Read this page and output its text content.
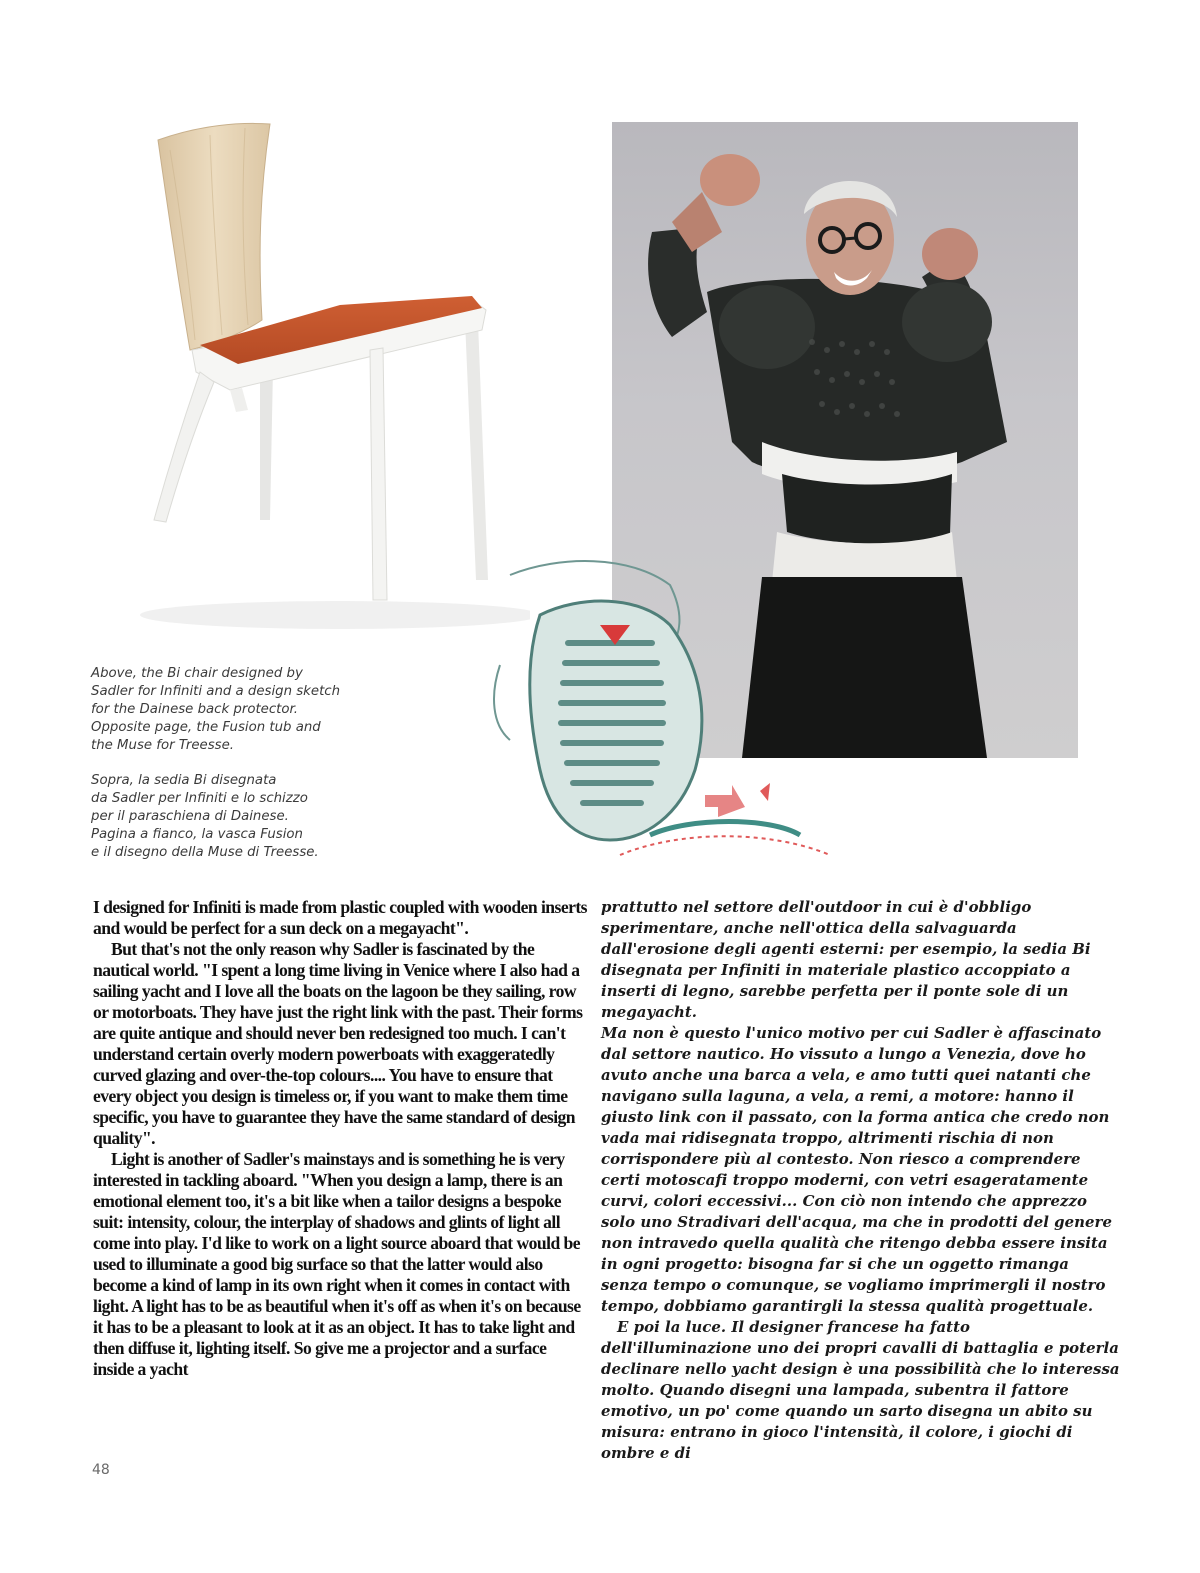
Above, the Bi chair designed by

Sadler for Infiniti and a design sketch

for the Dainese back protector.

Opposite page, the Fusion tub and

the Muse for Treesse.

Sopra, la sedia Bi disegnata

da Sadler per Infiniti e lo schizzo

per il paraschiena di Dainese.

Pagina a fianco, la vasca Fusion

e il disegno della Muse di Treesse.

I designed for Infiniti is made from plastic coupled with wooden inserts and would be perfect for a sun deck on a megayacht".

But that's not the only reason why Sadler is fascinated by the nautical world. "I spent a long time living in Venice where I also had a sailing yacht and I love all the boats on the lagoon be they sailing, row or motorboats. They have just the right link with the past. Their forms are quite antique and should never ben redesigned too much. I can't understand certain overly modern powerboats with exaggeratedly curved glazing and over-the-top colours.... You have to ensure that every object you design is timeless or, if you want to make them time specific, you have to guarantee they have the same standard of design quality".

Light is another of Sadler's mainstays and is something he is very interested in tackling aboard. "When you design a lamp, there is an emotional element too, it's a bit like when a tailor designs a bespoke suit: intensity, colour, the interplay of shadows and glints of light all come into play. I'd like to work on a light source aboard that would be used to illuminate a good big surface so that the latter would also become a kind of lamp in its own right when it comes in contact with light. A light has to be as beautiful when it's off as when it's on because it has to be a pleasant to look at it as an object. It has to take light and then diffuse it, lighting itself. So give me a projector and a surface inside a yacht

prattutto nel settore dell'outdoor in cui è d'obbligo sperimentare, anche nell'ottica della salvaguarda dall'erosione degli agenti esterni: per esempio, la sedia Bi disegnata per Infiniti in materiale plastico accoppiato a inserti di legno, sarebbe perfetta per il ponte sole di un megayacht.

Ma non è questo l'unico motivo per cui Sadler è affascinato dal settore nautico. Ho vissuto a lungo a Venezia, dove ho avuto anche una barca a vela, e amo tutti quei natanti che navigano sulla laguna, a vela, a remi, a motore: hanno il giusto link con il passato, con la forma antica che credo non vada mai ridisegnata troppo, altrimenti rischia di non corrispondere più al contesto. Non riesco a comprendere certi motoscafi troppo moderni, con vetri esageratamente curvi, colori eccessivi... Con ciò non intendo che apprezzo solo uno Stradivari dell'acqua, ma che in prodotti del genere non intravedo quella qualità che ritengo debba essere insita in ogni progetto: bisogna far si che un oggetto rimanga senza tempo o comunque, se vogliamo imprimergli il nostro tempo, dobbiamo garantirgli la stessa qualità progettuale.

E poi la luce. Il designer francese ha fatto dell'illuminazione uno dei propri cavalli di battaglia e poterla declinare nello yacht design è una possibilità che lo interessa molto. Quando disegni una lampada, subentra il fattore emotivo, un po' come quando un sarto disegna un abito su misura: entrano in gioco l'intensità, il colore, i giochi di ombre e di

48
